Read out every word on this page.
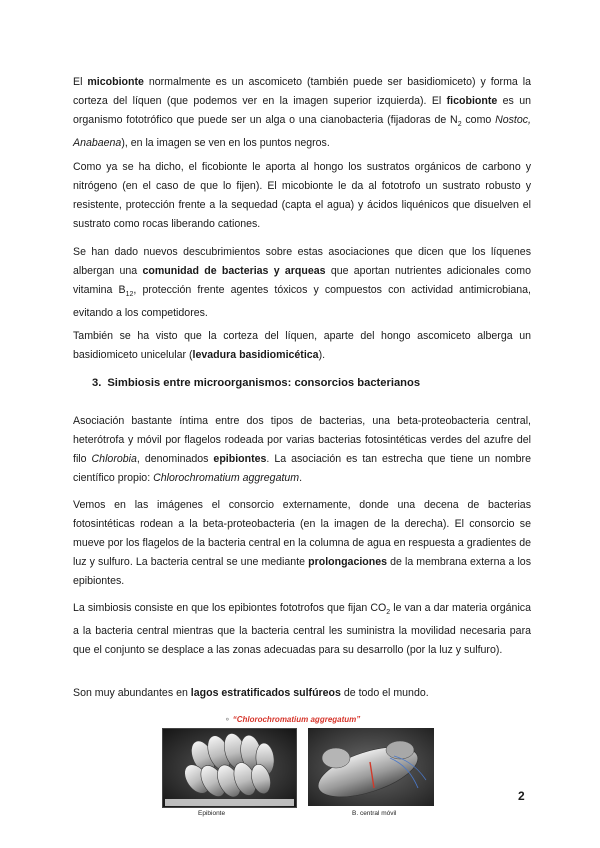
El micobionte normalmente es un ascomiceto (también puede ser basidiomiceto) y forma la corteza del líquen (que podemos ver en la imagen superior izquierda). El ficobionte es un organismo fototrófico que puede ser un alga o una cianobacteria (fijadoras de $N_2$ como Nostoc, Anabaena), en la imagen se ven en los puntos negros.

Como ya se ha dicho, el ficobionte le aporta al hongo los sustratos orgánicos de carbono y nitrógeno (en el caso de que lo fijen). El micobionte le da al fototrofo un sustrato robusto y resistente, protección frente a la sequedad (capta el agua) y ácidos liquénicos que disuelven el sustrato como rocas liberando cationes.

Se han dado nuevos descubrimientos sobre estas asociaciones que dicen que los líquenes albergan una comunidad de bacterias y arqueas que aportan nutrientes adicionales como vitamina $B_{12}$, protección frente agentes tóxicos y compuestos con actividad antimicrobiana, evitando a los competidores.

También se ha visto que la corteza del líquen, aparte del hongo ascomiceto alberga un basidiomiceto unicelular (levadura basidiomicética).

3. Simbiosis entre microorganismos: consorcios bacterianos

Asociación bastante íntima entre dos tipos de bacterias, una beta-proteobacteria central, heterótrofa y móvil por flagelos rodeada por varias bacterias fotosintéticas verdes del azufre del filo Chlorobia, denominados epibiontes. La asociación es tan estrecha que tiene un nombre científico propio: Chlorochromatium aggregatum.

Vemos en las imágenes el consorcio externamente, donde una decena de bacterias fotosintéticas rodean a la beta-proteobacteria (en la imagen de la derecha). El consorcio se mueve por los flagelos de la bacteria central en la columna de agua en respuesta a gradientes de luz y sulfuro. La bacteria central se une mediante prolongaciones de la membrana externa a los epibiontes.

La simbiosis consiste en que los epibiontes fototrofos que fijan $CO_2$ le van a dar materia orgánica a la bacteria central mientras que la bacteria central les suministra la movilidad necesaria para que el conjunto se desplace a las zonas adecuadas para su desarrollo (por la luz y sulfuro).

Son muy abundantes en lagos estratificados sulfúreos de todo el mundo.

⚬ “Chlorochromatium aggregatum”
Epibionte	B. central móvil
2
